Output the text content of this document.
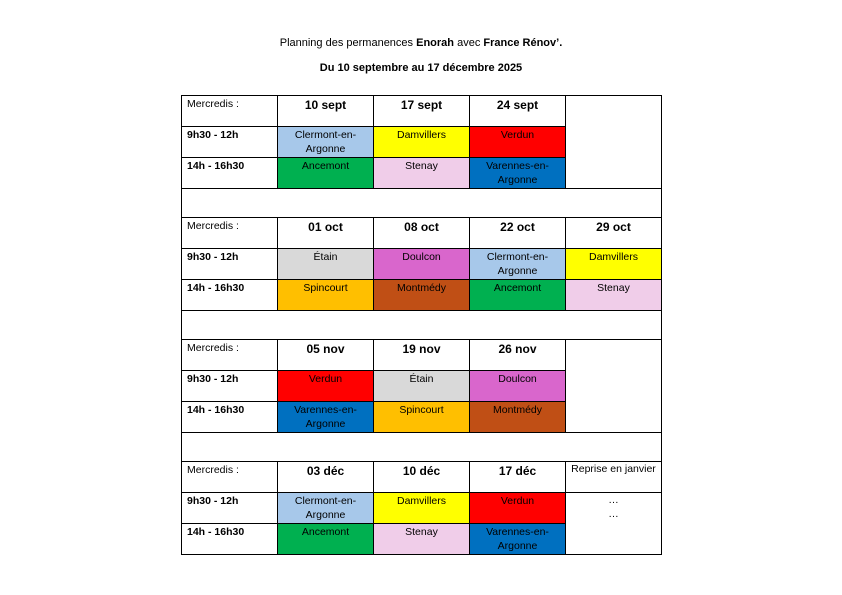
Planning des permanences Enorah avec France Rénov’.
Du 10 septembre au 17 décembre 2025
Mercredis :	10 sept	17 sept	24 sept	
9h30 - 12h	Clermont-en-Argonne	Damvillers	Verdun	
14h - 16h30	Ancemont	Stenay	Varennes-en-Argonne	

Mercredis :	01 oct	08 oct	22 oct	29 oct
9h30 - 12h	Étain	Doulcon	Clermont-en-Argonne	Damvillers
14h - 16h30	Spincourt	Montmédy	Ancemont	Stenay

Mercredis :	05 nov	19 nov	26 nov	
9h30 - 12h	Verdun	Étain	Doulcon	
14h - 16h30	Varennes-en-Argonne	Spincourt	Montmédy	

Mercredis :	03 déc	10 déc	17 déc	Reprise en janvier
9h30 - 12h	Clermont-en-Argonne	Damvillers	Verdun	…
…

14h - 16h30	Ancemont	Stenay	Varennes-en-Argonne	
